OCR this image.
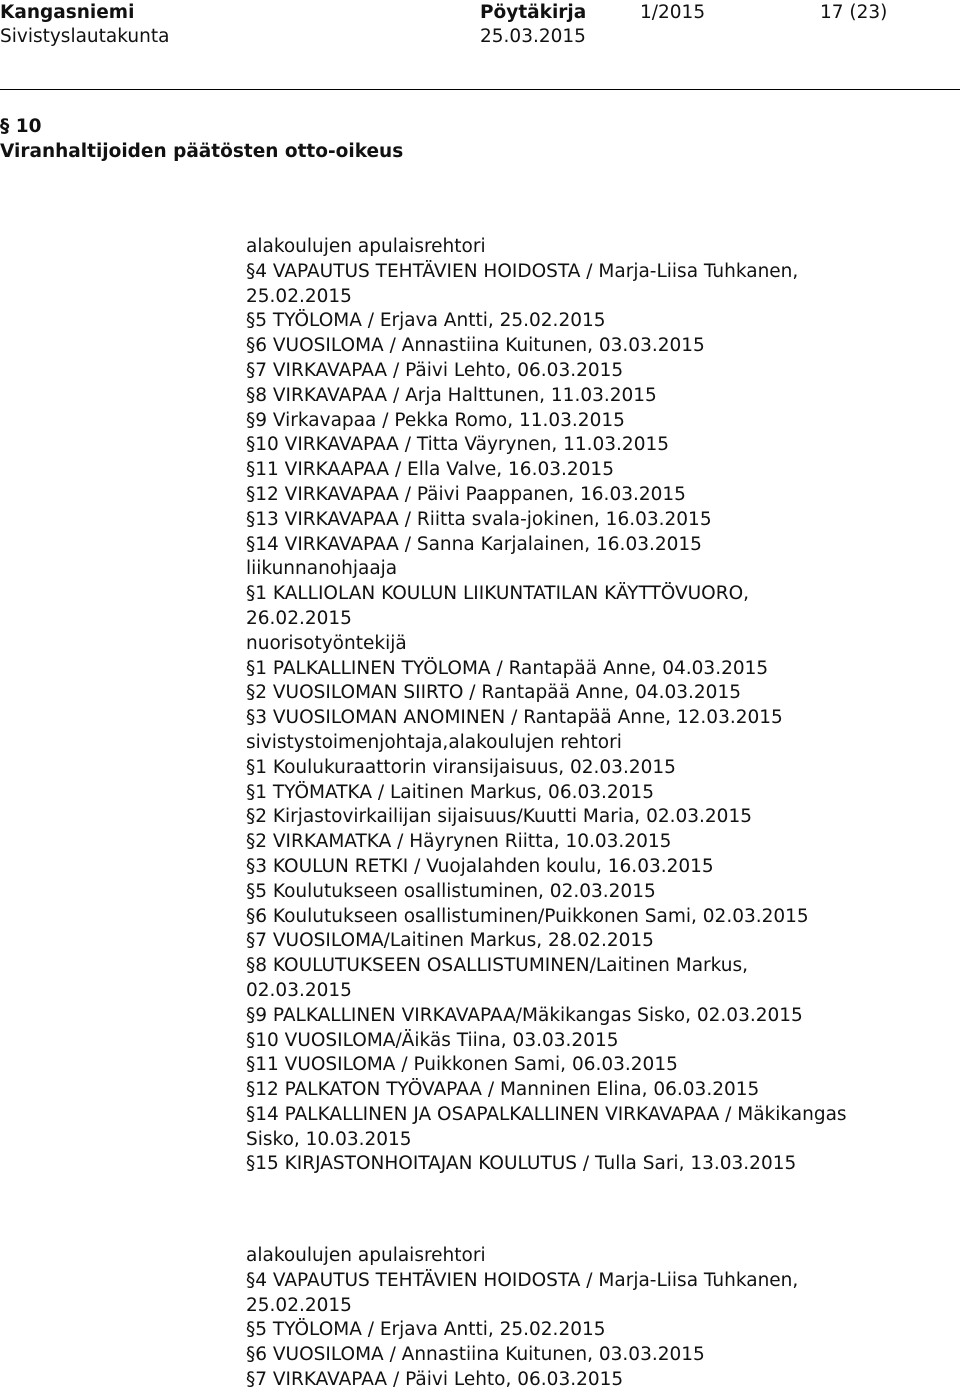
Kangasniemi
Sivistyslautakunta
Pöytäkirja
25.03.2015
1/2015	17 (23)
§ 10
Viranhaltijoiden päätösten otto-oikeus
alakoulujen apulaisrehtori
§4 VAPAUTUS TEHTÄVIEN HOIDOSTA / Marja-Liisa Tuhkanen,
25.02.2015
§5 TYÖLOMA / Erjava Antti, 25.02.2015
§6 VUOSILOMA / Annastiina Kuitunen, 03.03.2015
§7 VIRKAVAPAA / Päivi Lehto, 06.03.2015
§8 VIRKAVAPAA / Arja Halttunen, 11.03.2015
§9 Virkavapaa / Pekka Romo, 11.03.2015
§10 VIRKAVAPAA / Titta Väyrynen, 11.03.2015
§11 VIRKAAPAA / Ella Valve, 16.03.2015
§12 VIRKAVAPAA / Päivi Paappanen, 16.03.2015
§13 VIRKAVAPAA / Riitta svala-jokinen, 16.03.2015
§14 VIRKAVAPAA / Sanna Karjalainen, 16.03.2015
liikunnanohjaaja
§1 KALLIOLAN KOULUN LIIKUNTATILAN KÄYTTÖVUORO,
26.02.2015
nuorisotyöntekijä
§1 PALKALLINEN TYÖLOMA / Rantapää Anne, 04.03.2015
§2 VUOSILOMAN SIIRTO / Rantapää Anne, 04.03.2015
§3 VUOSILOMAN ANOMINEN / Rantapää Anne, 12.03.2015
sivistystoimenjohtaja,alakoulujen rehtori
§1 Koulukuraattorin viransijaisuus, 02.03.2015
§1 TYÖMATKA / Laitinen Markus, 06.03.2015
§2 Kirjastovirkailijan sijaisuus/Kuutti Maria, 02.03.2015
§2 VIRKAMATKA / Häyrynen Riitta, 10.03.2015
§3 KOULUN RETKI / Vuojalahden koulu, 16.03.2015
§5 Koulutukseen osallistuminen, 02.03.2015
§6 Koulutukseen osallistuminen/Puikkonen Sami, 02.03.2015
§7 VUOSILOMA/Laitinen Markus, 28.02.2015
§8 KOULUTUKSEEN OSALLISTUMINEN/Laitinen Markus,
02.03.2015
§9 PALKALLINEN VIRKAVAPAA/Mäkikangas Sisko, 02.03.2015
§10 VUOSILOMA/Äikäs Tiina, 03.03.2015
§11 VUOSILOMA / Puikkonen Sami, 06.03.2015
§12 PALKATON TYÖVAPAA / Manninen Elina, 06.03.2015
§14 PALKALLINEN JA OSAPALKALLINEN VIRKAVAPAA / Mäkikangas
Sisko, 10.03.2015
§15 KIRJASTONHOITAJAN KOULUTUS / Tulla Sari, 13.03.2015
alakoulujen apulaisrehtori
§4 VAPAUTUS TEHTÄVIEN HOIDOSTA / Marja-Liisa Tuhkanen,
25.02.2015
§5 TYÖLOMA / Erjava Antti, 25.02.2015
§6 VUOSILOMA / Annastiina Kuitunen, 03.03.2015
§7 VIRKAVAPAA / Päivi Lehto, 06.03.2015
